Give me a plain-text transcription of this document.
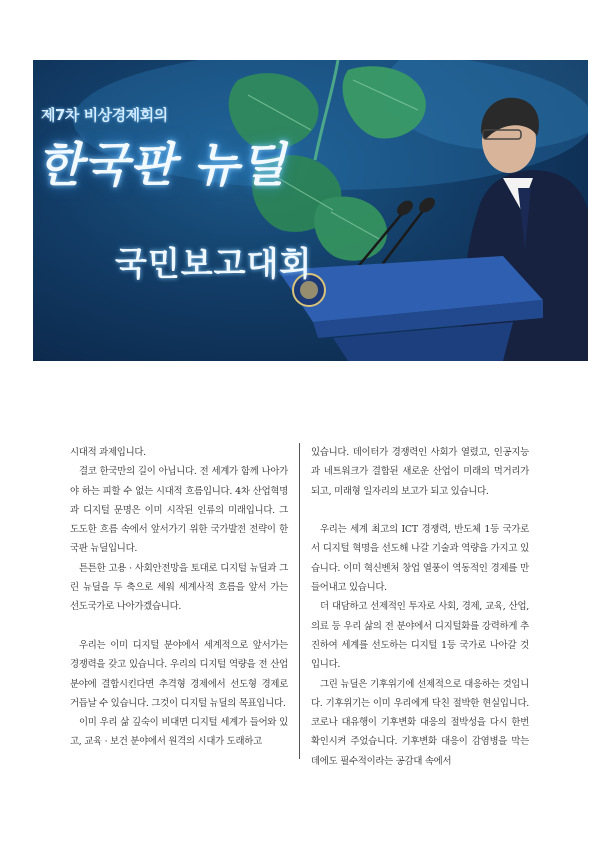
제7차 비상경제회의
한국판 뉴딜
국민보고대회

시대적 과제입니다.

결코 한국만의 길이 아닙니다. 전 세계가 함께 나아가야 하는 피할 수 없는 시대적 흐름입니다. 4차 산업혁명과 디지털 문명은 이미 시작된 인류의 미래입니다. 그 도도한 흐름 속에서 앞서가기 위한 국가발전 전략이 한국판 뉴딜입니다.

튼튼한 고용 · 사회안전망을 토대로 디지털 뉴딜과 그린 뉴딜을 두 축으로 세워 세계사적 흐름을 앞서 가는 선도국가로 나아가겠습니다.

우리는 이미 디지털 분야에서 세계적으로 앞서가는 경쟁력을 갖고 있습니다. 우리의 디지털 역량을 전 산업 분야에 결합시킨다면 추격형 경제에서 선도형 경제로 거듭날 수 있습니다. 그것이 디지털 뉴딜의 목표입니다.

이미 우리 삶 깊숙이 비대면 디지털 세계가 들어와 있고, 교육 · 보건 분야에서 원격의 시대가 도래하고

있습니다. 데이터가 경쟁력인 사회가 열렸고, 인공지능과 네트워크가 결합된 새로운 산업이 미래의 먹거리가 되고, 미래형 일자리의 보고가 되고 있습니다.

우리는 세계 최고의 ICT 경쟁력, 반도체 1등 국가로서 디지털 혁명을 선도해 나갈 기술과 역량을 가지고 있습니다. 이미 혁신벤처 창업 열풍이 역동적인 경제를 만들어내고 있습니다.

더 대담하고 선제적인 투자로 사회, 경제, 교육, 산업, 의료 등 우리 삶의 전 분야에서 디지털화를 강력하게 추진하여 세계를 선도하는 디지털 1등 국가로 나아갈 것입니다.

그린 뉴딜은 기후위기에 선제적으로 대응하는 것입니다. 기후위기는 이미 우리에게 닥친 절박한 현실입니다. 코로나 대유행이 기후변화 대응의 절박성을 다시 한번 확인시켜 주었습니다. 기후변화 대응이 감염병을 막는 데에도 필수적이라는 공감대 속에서
